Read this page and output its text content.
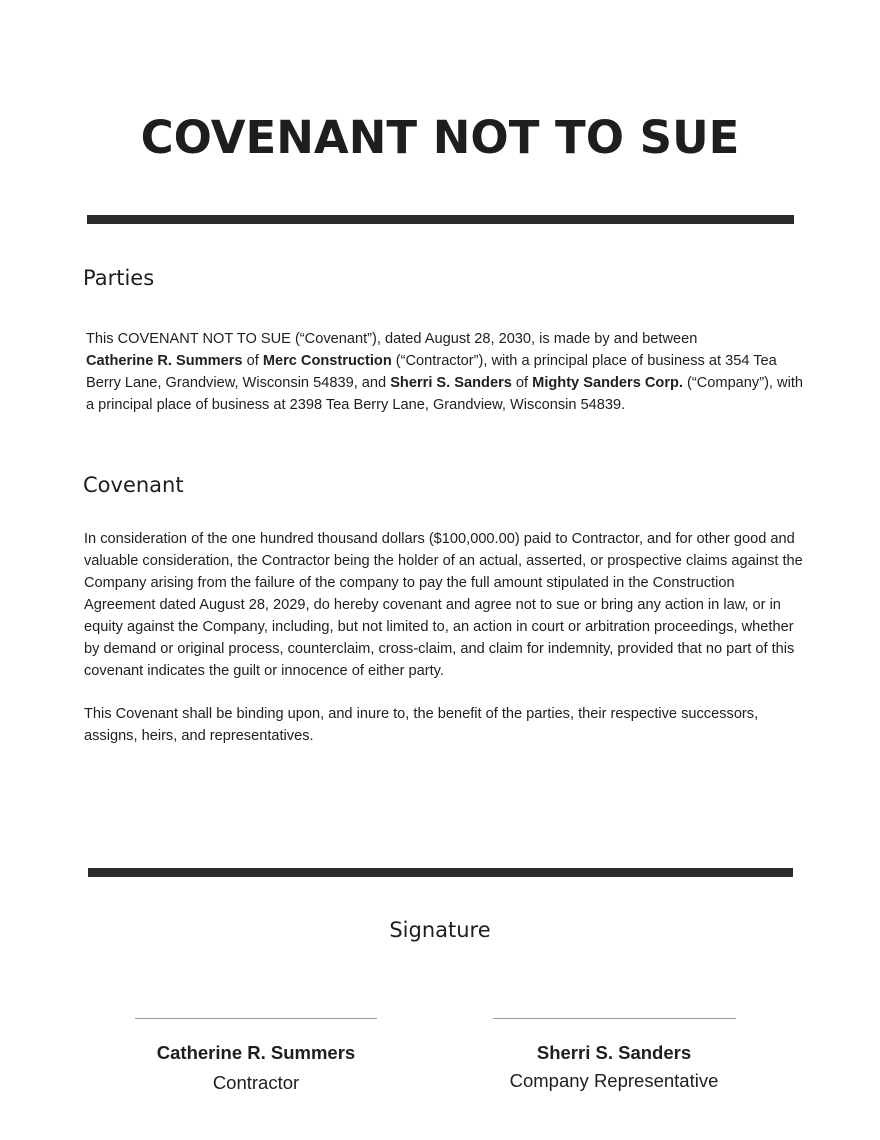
COVENANT NOT TO SUE
Parties

This COVENANT NOT TO SUE (“Covenant”), dated August 28, 2030, is made by and between
Catherine R. Summers of Merc Construction (“Contractor”), with a principal place of business at 354 Tea Berry Lane, Grandview, Wisconsin 54839, and Sherri S. Sanders of Mighty Sanders Corp. (“Company”), with a principal place of business at 2398 Tea Berry Lane, Grandview, Wisconsin 54839.

Covenant

In consideration of the one hundred thousand dollars ($100,000.00) paid to Contractor, and for other good and valuable consideration, the Contractor being the holder of an actual, asserted, or prospective claims against the Company arising from the failure of the company to pay the full amount stipulated in the Construction Agreement dated August 28, 2029, do hereby covenant and agree not to sue or bring any action in law, or in equity against the Company, including, but not limited to, an action in court or arbitration proceedings, whether by demand or original process, counterclaim, cross-claim, and claim for indemnity, provided that no part of this covenant indicates the guilt or innocence of either party.

This Covenant shall be binding upon, and inure to, the benefit of the parties, their respective successors, assigns, heirs, and representatives.

Signature
Catherine R. Summers
Contractor
Sherri S. Sanders
Company Representative
